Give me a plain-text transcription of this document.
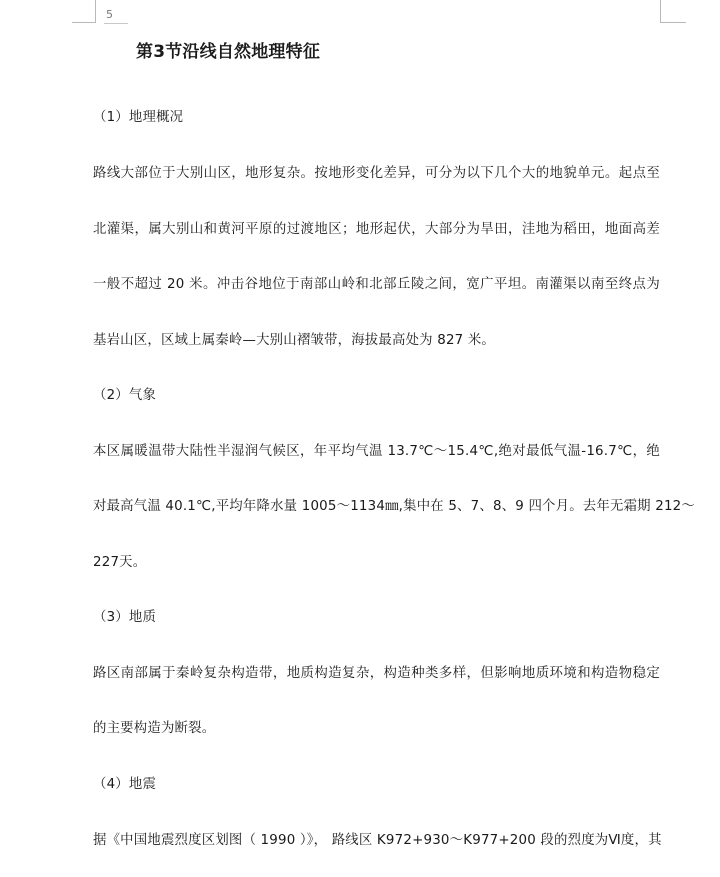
5
第3节沿线自然地理特征
（1）地理概况
路线大部位于大别山区，地形复杂。按地形变化差异，可分为以下几个大的地貌单元。起点至
北灌渠，属大别山和黄河平原的过渡地区；地形起伏，大部分为旱田，洼地为稻田，地面高差
一般不超过 20 米。冲击谷地位于南部山岭和北部丘陵之间，宽广平坦。南灌渠以南至终点为
基岩山区，区域上属秦岭—大别山褶皱带，海拔最高处为 827 米。
（2）气象
本区属暖温带大陆性半湿润气候区，年平均气温 13.7℃～15.4℃,绝对最低气温-16.7℃，绝
对最高气温 40.1℃,平均年降水量 1005～1134㎜,集中在 5、7、8、9 四个月。去年无霜期 212～
227天。
（3）地质
路区南部属于秦岭复杂构造带，地质构造复杂，构造种类多样，但影响地质环境和构造物稳定
的主要构造为断裂。
（4）地震
据《中国地震烈度区划图（ 1990 ）》， 路线区 K972+930～K977+200 段的烈度为Ⅵ度，其
